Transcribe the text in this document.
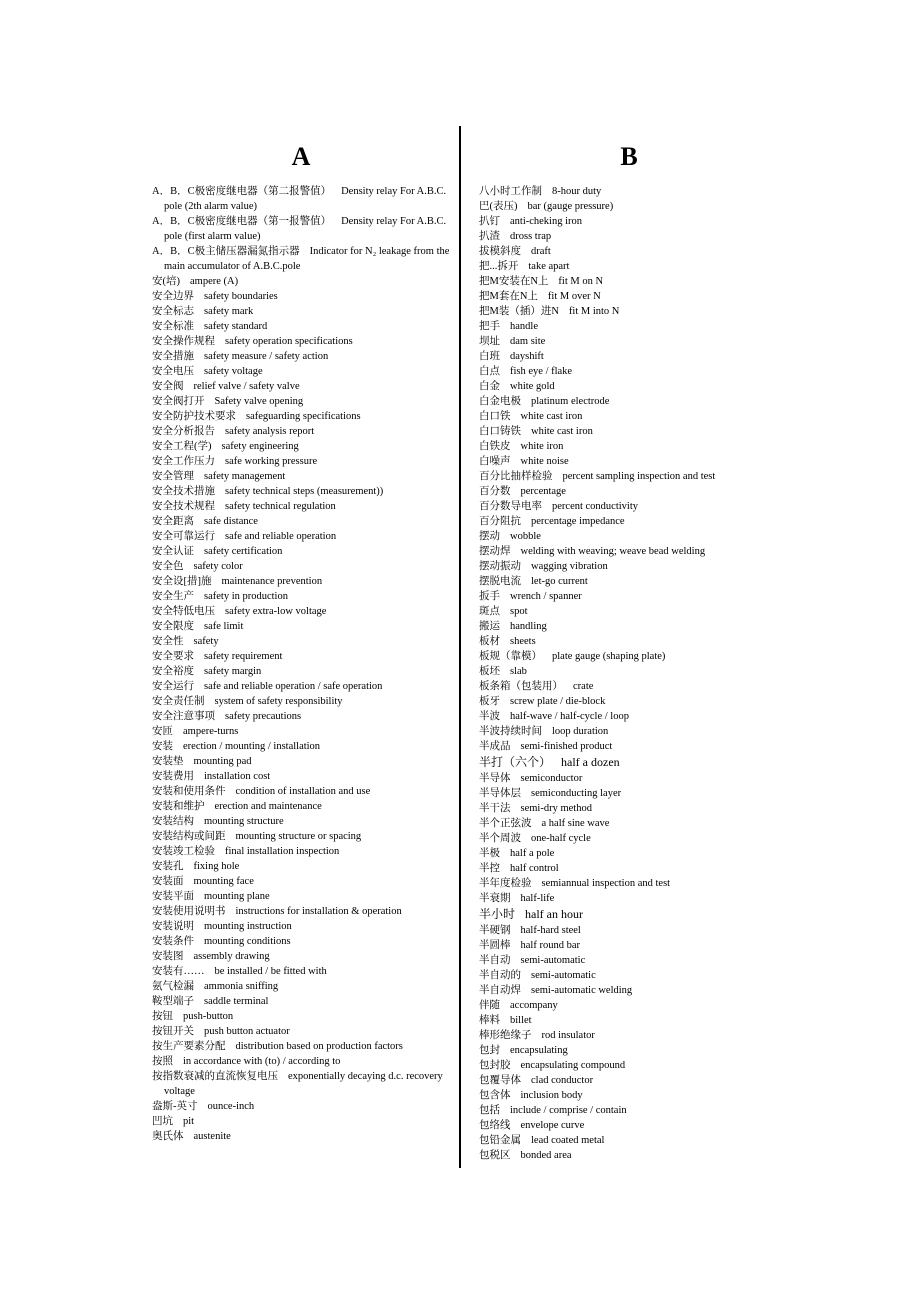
A
A．B．C极密度继电器（第二报警值） Density relay For A.B.C. pole (2th alarm value)
A．B．C极密度继电器（第一报警值） Density relay For A.B.C. pole (first alarm value)
A．B．C极主储压器漏氮指示器 Indicator for N₂ leakage from the main accumulator of A.B.C.pole
安(培) ampere (A)
安全边界 safety boundaries
安全标志 safety mark
安全标准 safety standard
安全操作规程 safety operation specifications
安全措施 safety measure / safety action
安全电压 safety voltage
安全阀 relief valve / safety valve
安全阀打开 Safety valve opening
安全防护技术要求 safeguarding specifications
安全分析报告 safety analysis report
安全工程(学) safety engineering
安全工作压力 safe working pressure
安全管理 safety management
安全技术措施 safety technical steps (measurement))
安全技术规程 safety technical regulation
安全距离 safe distance
安全可靠运行 safe and reliable operation
安全认证 safety certification
安全色 safety color
安全设[措]施 maintenance prevention
安全生产 safety in production
安全特低电压 safety extra-low voltage
安全限度 safe limit
安全性 safety
安全要求 safety requirement
安全裕度 safety margin
安全运行 safe and reliable operation / safe operation
安全责任制 system of safety responsibility
安全注意事项 safety precautions
安匝 ampere-turns
安装 erection / mounting / installation
安装垫 mounting pad
安装费用 installation cost
安装和使用条件 condition of installation and use
安装和维护 erection and maintenance
安装结构 mounting structure
安装结构或间距 mounting structure or spacing
安装竣工检验 final installation inspection
安装孔 fixing hole
安装面 mounting face
安装平面 mounting plane
安装使用说明书 instructions for installation & operation
安装说明 mounting instruction
安装条件 mounting conditions
安装图 assembly drawing
安装有…… be installed / be fitted with
氨气检漏 ammonia sniffing
鞍型端子 saddle terminal
按钮 push-button
按钮开关 push button actuator
按生产要素分配 distribution based on production factors
按照 in accordance with (to) / according to
按指数衰减的直流恢复电压 exponentially decaying d.c. recovery voltage
盎斯-英寸 ounce-inch
凹坑 pit
奥氏体 austenite
B
八小时工作制 8-hour duty
巴(表压) bar (gauge pressure)
扒钉 anti-cheking iron
扒渣 dross trap
拔模斜度 draft
把...拆开 take apart
把M安装在N上 fit M on N
把M套在N上 fit M over N
把M装（插）进N fit M into N
把手 handle
坝址 dam site
白班 dayshift
白点 fish eye / flake
白金 white gold
白金电极 platinum electrode
白口铁 white cast iron
白口铸铁 white cast iron
白铁皮 white iron
白噪声 white noise
百分比抽样检验 percent sampling inspection and test
百分数 percentage
百分数导电率 percent conductivity
百分阻抗 percentage impedance
摆动 wobble
摆动焊 welding with weaving; weave bead welding
摆动振动 wagging vibration
摆脱电流 let-go current
扳手 wrench / spanner
斑点 spot
搬运 handling
板材 sheets
板规（靠模） plate gauge (shaping plate)
板坯 slab
板条箱（包装用） crate
板牙 screw plate / die-block
半波 half-wave / half-cycle / loop
半波持续时间 loop duration
半成品 semi-finished product
半打（六个） half a dozen
半导体 semiconductor
半导体层 semiconducting layer
半干法 semi-dry method
半个正弦波 a half sine wave
半个周波 one-half cycle
半极 half a pole
半控 half control
半年度检验 semiannual inspection and test
半衰期 half-life
半小时 half an hour
半硬钢 half-hard steel
半圆棒 half round bar
半自动 semi-automatic
半自动的 semi-automatic
半自动焊 semi-automatic welding
伴随 accompany
棒料 billet
棒形绝缘子 rod insulator
包封 encapsulating
包封胶 encapsulating compound
包覆导体 clad conductor
包含体 inclusion body
包括 include / comprise / contain
包络线 envelope curve
包铅金属 lead coated metal
包税区 bonded area
